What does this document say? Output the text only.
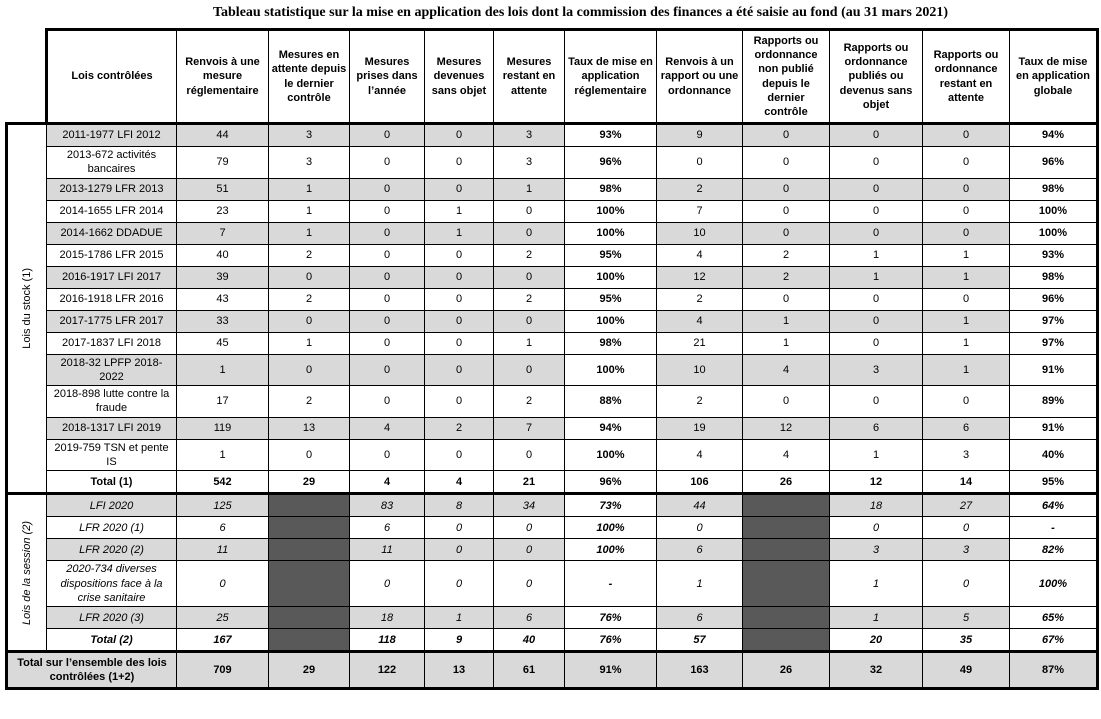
Tableau statistique sur la mise en application des lois dont la commission des finances a été saisie au fond (au 31 mars 2021)
	Lois contrôlées	Renvois à une mesure réglementaire	Mesures en attente depuis le dernier contrôle	Mesures prises dans l’année	Mesures devenues sans objet	Mesures restant en attente	Taux de mise en application réglementaire	Renvois à un rapport ou une ordonnance	Rapports ou ordonnance non publié depuis le dernier contrôle	Rapports ou ordonnance publiés ou devenus sans objet	Rapports ou ordonnance restant en attente	Taux de mise en application globale

Lois du stock (1)	2011-1977 LFI 2012	44	3	0	0	3	93%	9	0	0	0	94%
	2013-672 activités bancaires	79	3	0	0	3	96%	0	0	0	0	96%
	2013-1279 LFR 2013	51	1	0	0	1	98%	2	0	0	0	98%
	2014-1655 LFR 2014	23	1	0	1	0	100%	7	0	0	0	100%
	2014-1662 DDADUE	7	1	0	1	0	100%	10	0	0	0	100%
	2015-1786 LFR 2015	40	2	0	0	2	95%	4	2	1	1	93%
	2016-1917 LFI 2017	39	0	0	0	0	100%	12	2	1	1	98%
	2016-1918 LFR 2016	43	2	0	0	2	95%	2	0	0	0	96%
	2017-1775 LFR 2017	33	0	0	0	0	100%	4	1	0	1	97%
	2017-1837 LFI 2018	45	1	0	0	1	98%	21	1	0	1	97%
	2018-32 LPFP 2018-2022	1	0	0	0	0	100%	10	4	3	1	91%
	2018-898 lutte contre la fraude	17	2	0	0	2	88%	2	0	0	0	89%
	2018-1317 LFI 2019	119	13	4	2	7	94%	19	12	6	6	91%
	2019-759 TSN et pente IS	1	0	0	0	0	100%	4	4	1	3	40%
	Total (1)	542	29	4	4	21	96%	106	26	12	14	95%

Lois de la session (2)	LFI 2020	125		83	8	34	73%	44		18	27	64%
	LFR 2020 (1)	6		6	0	0	100%	0		0	0	-
	LFR 2020 (2)	11		11	0	0	100%	6		3	3	82%
	2020-734 diverses dispositions face à la crise sanitaire	0		0	0	0	-	1		1	0	100%
	LFR 2020 (3)	25		18	1	6	76%	6		1	5	65%
	Total (2)	167		118	9	40	76%	57		20	35	67%
Total sur l’ensemble des lois contrôlées (1+2)		709	29	122	13	61	91%	163	26	32	49	87%
